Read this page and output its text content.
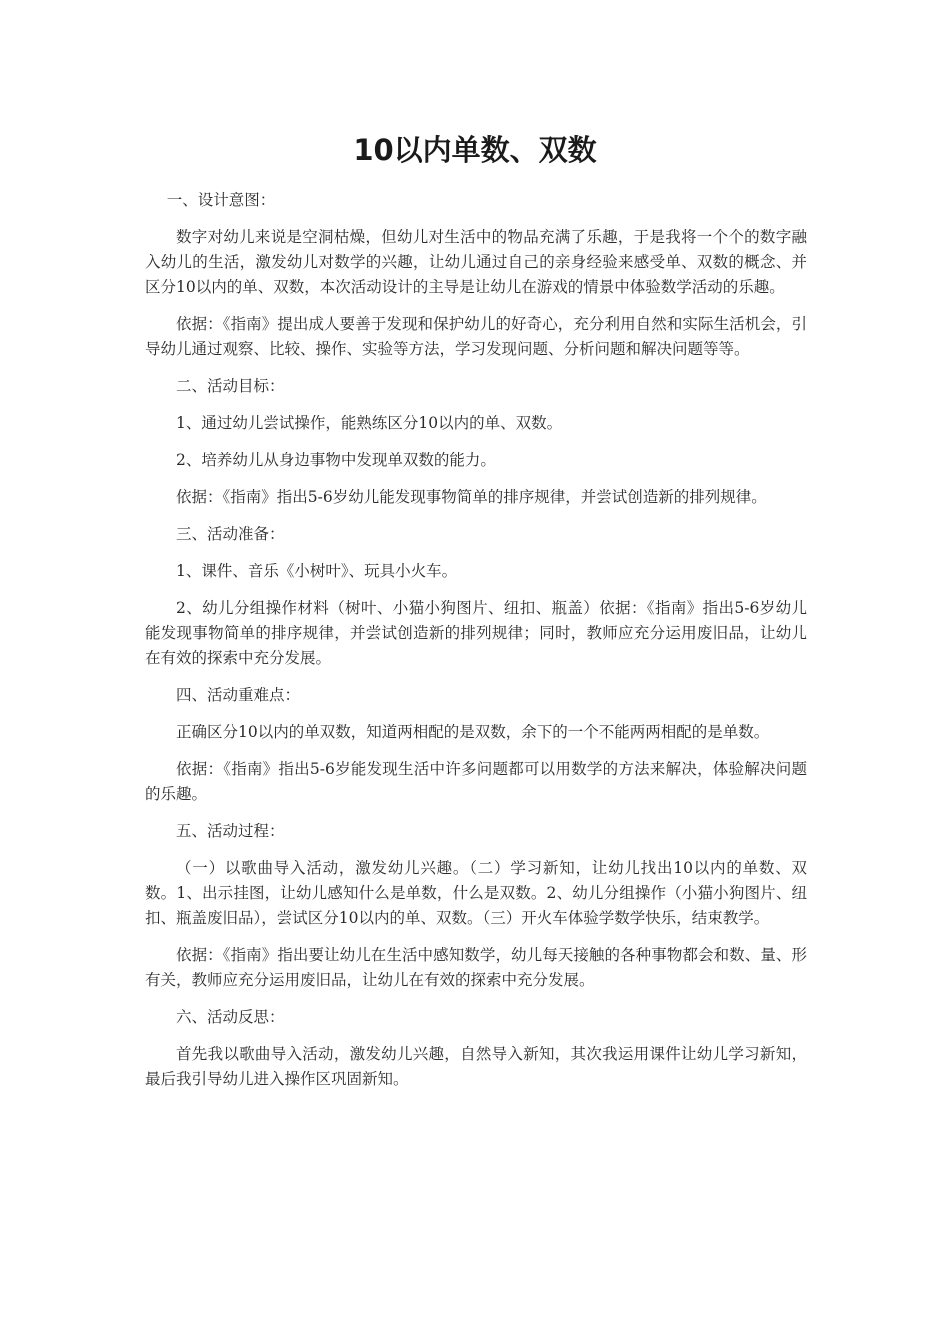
10以内单数、双数

一、设计意图：

数字对幼儿来说是空洞枯燥，但幼儿对生活中的物品充满了乐趣，于是我将一个个的数字融入幼儿的生活，激发幼儿对数学的兴趣，让幼儿通过自己的亲身经验来感受单、双数的概念、并区分10以内的单、双数，本次活动设计的主导是让幼儿在游戏的情景中体验数学活动的乐趣。

依据：《指南》提出成人要善于发现和保护幼儿的好奇心，充分利用自然和实际生活机会，引导幼儿通过观察、比较、操作、实验等方法，学习发现问题、分析问题和解决问题等等。

二、活动目标：

1、通过幼儿尝试操作，能熟练区分10以内的单、双数。

2、培养幼儿从身边事物中发现单双数的能力。

依据：《指南》指出5-6岁幼儿能发现事物简单的排序规律，并尝试创造新的排列规律。

三、活动准备：

1、课件、音乐《小树叶》、玩具小火车。

2、幼儿分组操作材料（树叶、小猫小狗图片、纽扣、瓶盖）依据：《指南》指出5-6岁幼儿能发现事物简单的排序规律，并尝试创造新的排列规律；同时，教师应充分运用废旧品，让幼儿在有效的探索中充分发展。

四、活动重难点：

正确区分10以内的单双数，知道两相配的是双数，余下的一个不能两两相配的是单数。

依据：《指南》指出5-6岁能发现生活中许多问题都可以用数学的方法来解决，体验解决问题的乐趣。

五、活动过程：

（一）以歌曲导入活动，激发幼儿兴趣。（二）学习新知，让幼儿找出10以内的单数、双数。1、出示挂图，让幼儿感知什么是单数，什么是双数。2、幼儿分组操作（小猫小狗图片、纽扣、瓶盖废旧品），尝试区分10以内的单、双数。（三）开火车体验学数学快乐，结束教学。

依据：《指南》指出要让幼儿在生活中感知数学，幼儿每天接触的各种事物都会和数、量、形有关，教师应充分运用废旧品，让幼儿在有效的探索中充分发展。

六、活动反思：

首先我以歌曲导入活动，激发幼儿兴趣，自然导入新知，其次我运用课件让幼儿学习新知，最后我引导幼儿进入操作区巩固新知。
